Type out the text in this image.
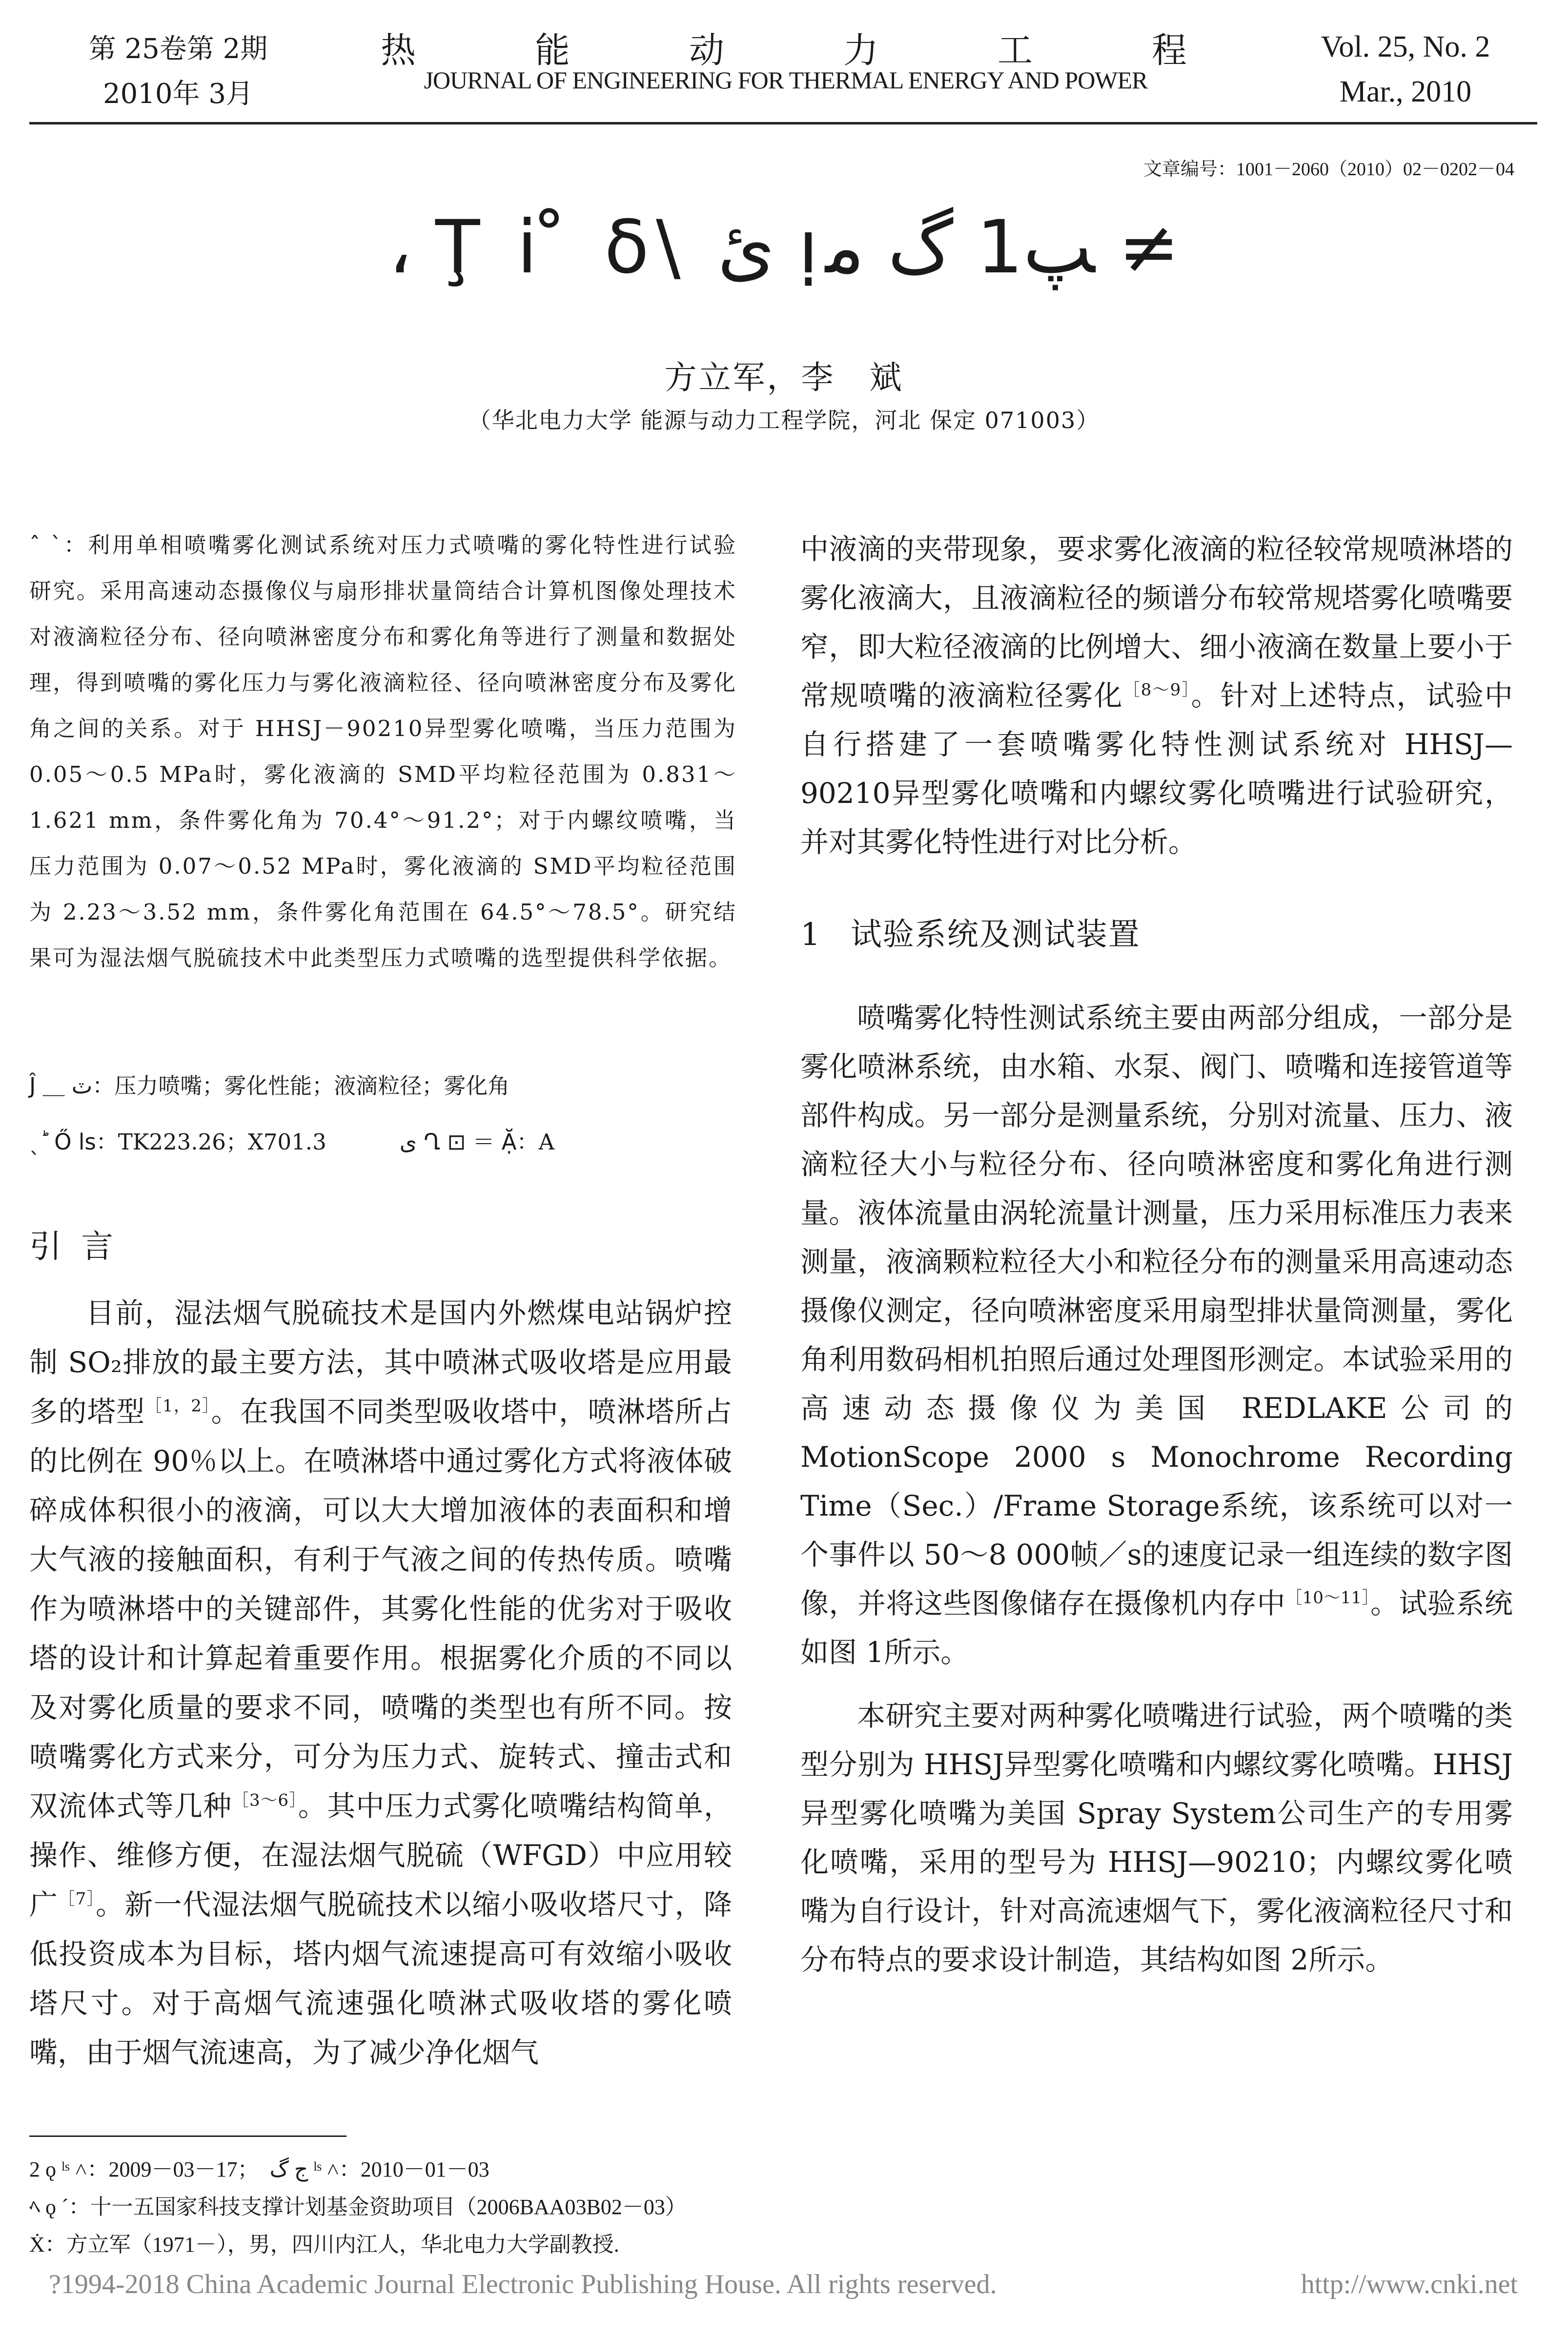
第 25卷第 2期
2010年 3月
热	能	动	力	工	程
JOURNAL OF ENGINEERING FOR THERMAL ENERGY AND POWER
Vol. 25, No. 2
Mar., 2010
文章编号：1001－2060（2010）02－0202－04
، Ţ i ̊ δ\ ﺉ ı̣ﭗ1 گ ﻣ ≠
方立军，李　斌
（华北电力大学 能源与动力工程学院，河北 保定 071003）
ˆ ˋ：利用单相喷嘴雾化测试系统对压力式喷嘴的雾化特性进行试验研究。采用高速动态摄像仪与扇形排状量筒结合计算机图像处理技术对液滴粒径分布、径向喷淋密度分布和雾化角等进行了测量和数据处理，得到喷嘴的雾化压力与雾化液滴粒径、径向喷淋密度分布及雾化角之间的关系。对于 HHSJ－90210异型雾化喷嘴，当压力范围为 0.05～0.5 MPa时，雾化液滴的 SMD平均粒径范围为 0.831～1.621 mm，条件雾化角为 70.4°～91.2°；对于内螺纹喷嘴，当压力范围为 0.07～0.52 MPa时，雾化液滴的 SMD平均粒径范围为 2.23～3.52 mm，条件雾化角范围在 64.5°～78.5°。研究结果可为湿法烟气脱硫技术中此类型压力式喷嘴的选型提供科学依据。
Ĵ ＿ ٽ：压力喷嘴；雾化性能；液滴粒径；雾化角
ˎ ؕ Ő ls：TK223.26；X701.3	ى Ղ ⊡ ＝ Ặ：A
引言

目前，湿法烟气脱硫技术是国内外燃煤电站锅炉控制 SO₂排放的最主要方法，其中喷淋式吸收塔是应用最多的塔型$^{[1,2]}$。在我国不同类型吸收塔中，喷淋塔所占的比例在 90％以上。在喷淋塔中通过雾化方式将液体破碎成体积很小的液滴，可以大大增加液体的表面积和增大气液的接触面积，有利于气液之间的传热传质。喷嘴作为喷淋塔中的关键部件，其雾化性能的优劣对于吸收塔的设计和计算起着重要作用。根据雾化介质的不同以及对雾化质量的要求不同，喷嘴的类型也有所不同。按喷嘴雾化方式来分，可分为压力式、旋转式、撞击式和双流体式等几种$^{[3\sim 6]}$。其中压力式雾化喷嘴结构简单，操作、维修方便，在湿法烟气脱硫（WFGD）中应用较广$^{[7]}$。新一代湿法烟气脱硫技术以缩小吸收塔尺寸，降低投资成本为目标，塔内烟气流速提高可有效缩小吸收塔尺寸。对于高烟气流速强化喷淋式吸收塔的雾化喷嘴，由于烟气流速高，为了减少净化烟气

中液滴的夹带现象，要求雾化液滴的粒径较常规喷淋塔的雾化液滴大，且液滴粒径的频谱分布较常规塔雾化喷嘴要窄，即大粒径液滴的比例增大、细小液滴在数量上要小于常规喷嘴的液滴粒径雾化$^{[8\sim 9]}$。针对上述特点，试验中自行搭建了一套喷嘴雾化特性测试系统对 HHSJ—90210异型雾化喷嘴和内螺纹雾化喷嘴进行试验研究，并对其雾化特性进行对比分析。

1 试验系统及测试装置

喷嘴雾化特性测试系统主要由两部分组成，一部分是雾化喷淋系统，由水箱、水泵、阀门、喷嘴和连接管道等部件构成。另一部分是测量系统，分别对流量、压力、液滴粒径大小与粒径分布、径向喷淋密度和雾化角进行测量。液体流量由涡轮流量计测量，压力采用标准压力表来测量，液滴颗粒粒径大小和粒径分布的测量采用高速动态摄像仪测定，径向喷淋密度采用扇型排状量筒测量，雾化角利用数码相机拍照后通过处理图形测定。本试验采用的高速动态摄像仪为美国 REDLAKE公司的 MotionScope 2000 s Monochrome Recording Time（Sec.）/Frame Storage系统，该系统可以对一个事件以 50～8 000帧／s的速度记录一组连续的数字图像，并将这些图像储存在摄像机内存中$^{[10\sim 11]}$。试验系统如图 1所示。

本研究主要对两种雾化喷嘴进行试验，两个喷嘴的类型分别为 HHSJ异型雾化喷嘴和内螺纹雾化喷嘴。HHSJ异型雾化喷嘴为美国 Spray System公司生产的专用雾化喷嘴，采用的型号为 HHSJ—90210；内螺纹雾化喷嘴为自行设计，针对高流速烟气下，雾化液滴粒径尺寸和分布特点的要求设计制造，其结构如图 2所示。

2 ǫ ˡˢ ˄：2009－03－17；　ﺝ گ ˡˢ ˄：2010－01－03
ﾍ ǫ ˊ：十一五国家科技支撑计划基金资助项目（2006BAA03B02－03）
Ẋ：方立军（1971－），男，四川内江人，华北电力大学副教授.
?1994-2018 China Academic Journal Electronic Publishing House. All rights reserved.	http://www.cnki.net
